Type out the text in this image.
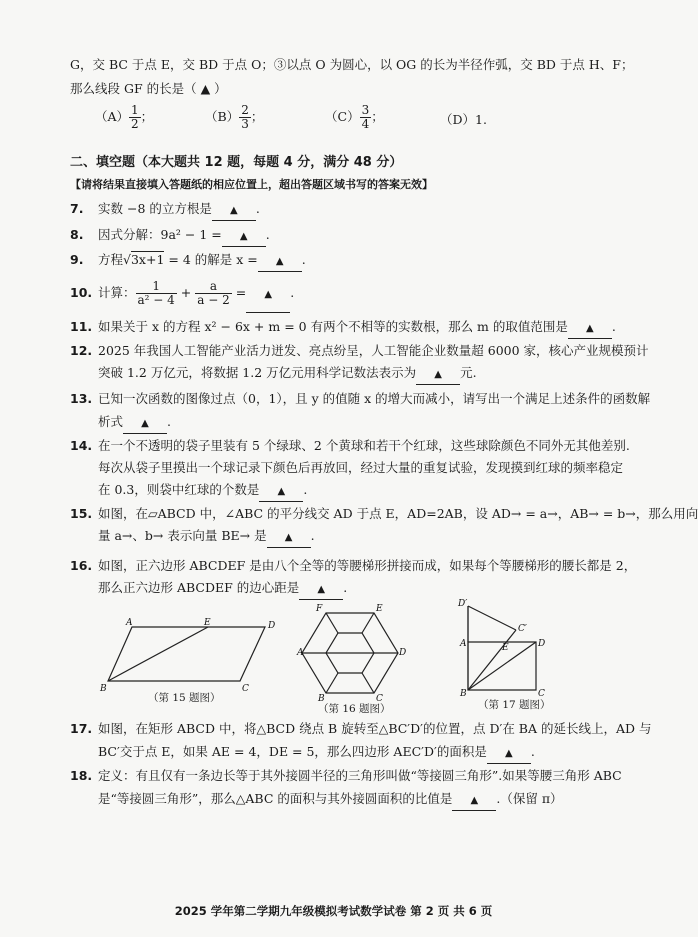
G，交 BC 于点 E，交 BD 于点 O；③以点 O 为圆心，以 OG 的长为半径作弧，交 BD 于点 H、F；
那么线段 GF 的长是（ ▲ ）
$(A) \frac{1}{2}$ ；	$(B) \frac{2}{3}$ ；	$(C) \frac{3}{4}$ ；	（D）1.
二、填空题（本大题共 12 题，每题 4 分，满分 48 分）
【请将结果直接填入答题纸的相应位置上，超出答题区域书写的答案无效】
7. 实数 −8 的立方根是 ▲ .
8. 因式分解：9a² − 1 = ▲ .
9. 方程√3x+1 = 4 的解是 x = ▲ .
10. 计算： $\frac{1}{\text{a² − 4}} + \frac{a}{a - 2}$ = ▲ .
11. 如果关于 x 的方程 x² − 6x + m = 0 有两个不相等的实数根，那么 m 的取值范围是 ▲ .
12. 2025 年我国人工智能产业活力迸发、亮点纷呈，人工智能企业数量超 6000 家，核心产业规模预计
突破 1.2 万亿元，将数据 1.2 万亿元用科学记数法表示为 ▲ 元.
13. 已知一次函数的图像过点（0，1），且 y 的值随 x 的增大而减小，请写出一个满足上述条件的函数解
析式 ▲ .
14. 在一个不透明的袋子里装有 5 个绿球、2 个黄球和若干个红球，这些球除颜色不同外无其他差别.
每次从袋子里摸出一个球记录下颜色后再放回，经过大量的重复试验，发现摸到红球的频率稳定
在 0.3，则袋中红球的个数是 ▲ .
15. 如图，在▱ABCD 中，∠ABC 的平分线交 AD 于点 E，AD=2AB，设 AD→ = a→，AB→ = b→，那么用向
量 a→、b→ 表示向量 BE→ 是 ▲ .
16. 如图，正六边形 ABCDEF 是由八个全等的等腰梯形拼接而成，如果每个等腰梯形的腰长都是 2，
那么正六边形 ABCDEF 的边心距是 ▲ .
A	E	D
B	C
（第 15 题图）
F	E
A	D
B	C
（第 16 题图）
D′
C′
A	E	D
B	C
（第 17 题图）
17. 如图，在矩形 ABCD 中，将△BCD 绕点 B 旋转至△BC′D′的位置，点 D′在 BA 的延长线上，AD 与
BC′交于点 E，如果 AE = 4，DE = 5，那么四边形 AEC′D′的面积是 ▲ .
18. 定义：有且仅有一条边长等于其外接圆半径的三角形叫做“等接圆三角形”.如果等腰三角形 ABC
是“等接圆三角形”，那么△ABC 的面积与其外接圆面积的比值是 ▲ .（保留 π）
2025 学年第二学期九年级模拟考试数学试卷 第 2 页 共 6 页
